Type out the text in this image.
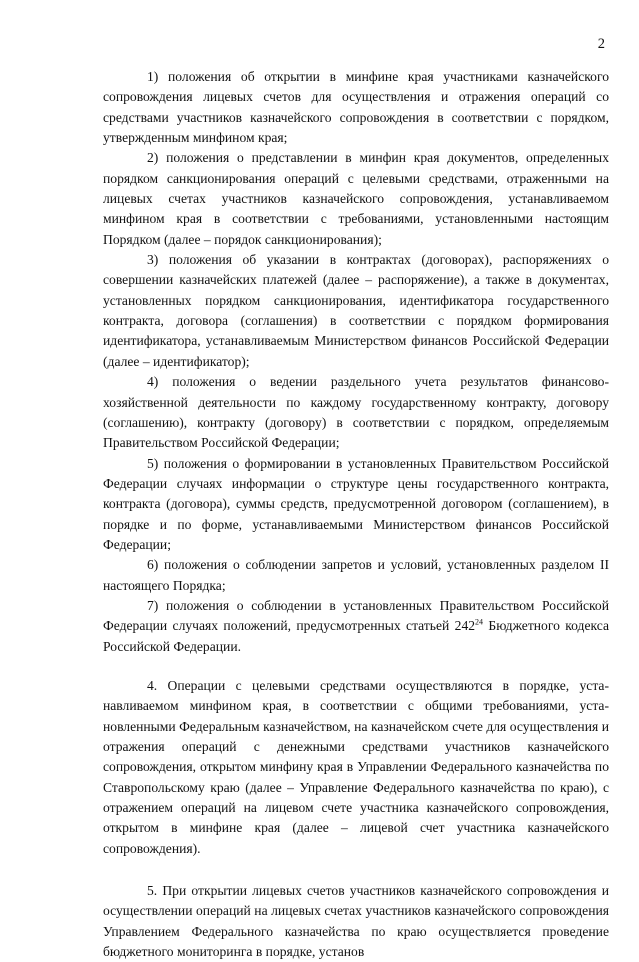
2

1) положения об открытии в минфине края участниками казначейского сопровождения лицевых счетов для осуществления и отражения операций со средствами участников казначейского сопровождения в соответствии с порядком, утвержденным минфином края;

2) положения о представлении в минфин края документов, определенных порядком санкционирования операций с целевыми средствами, отраженными на лицевых счетах участников казначейского сопровождения, устанавливаемом минфином края в соответствии с требованиями, установленными настоящим Порядком (далее – порядок санкционирования);

3) положения об указании в контрактах (договорах), распоряжениях о совершении казначейских платежей (далее – распоряжение), а также в документах, установленных порядком санкционирования, идентификатора государственного контракта, договора (соглашения) в соответствии с порядком формирования идентификатора, устанавливаемым Министерством финансов Российской Федерации (далее – идентификатор);

4) положения о ведении раздельного учета результатов финансовохозяйственной деятельности по каждому государственному контракту, договору (соглашению), контракту (договору) в соответствии с порядком, определяемым Правительством Российской Федерации;

5) положения о формировании в установленных Правительством Российской Федерации случаях информации о структуре цены государственного контракта, контракта (договора), суммы средств, предусмотренной договором (соглашением), в порядке и по форме, устанавливаемыми Министерством финансов Российской Федерации;

6) положения о соблюдении запретов и условий, установленных разделом II настоящего Порядка;

7) положения о соблюдении в установленных Правительством Российской Федерации случаях положений, предусмотренных статьей $242^{24}$ Бюджетного кодекса Российской Федерации.

4. Операции с целевыми средствами осуществляются в порядке, устанавливаемом минфином края, в соответствии с общими требованиями, установленными Федеральным казначейством, на казначейском счете для осуществления и отражения операций с денежными средствами участников казначейского сопровождения, открытом минфину края в Управлении Федерального казначейства по Ставропольскому краю (далее – Управление Федерального казначейства по краю), с отражением операций на лицевом счете участника казначейского сопровождения, открытом в минфине края (далее – лицевой счет участника казначейского сопровождения).

5. При открытии лицевых счетов участников казначейского сопровождения и осуществлении операций на лицевых счетах участников казначейского сопровождения Управлением Федерального казначейства по краю осуществляется проведение бюджетного мониторинга в порядке, установ
